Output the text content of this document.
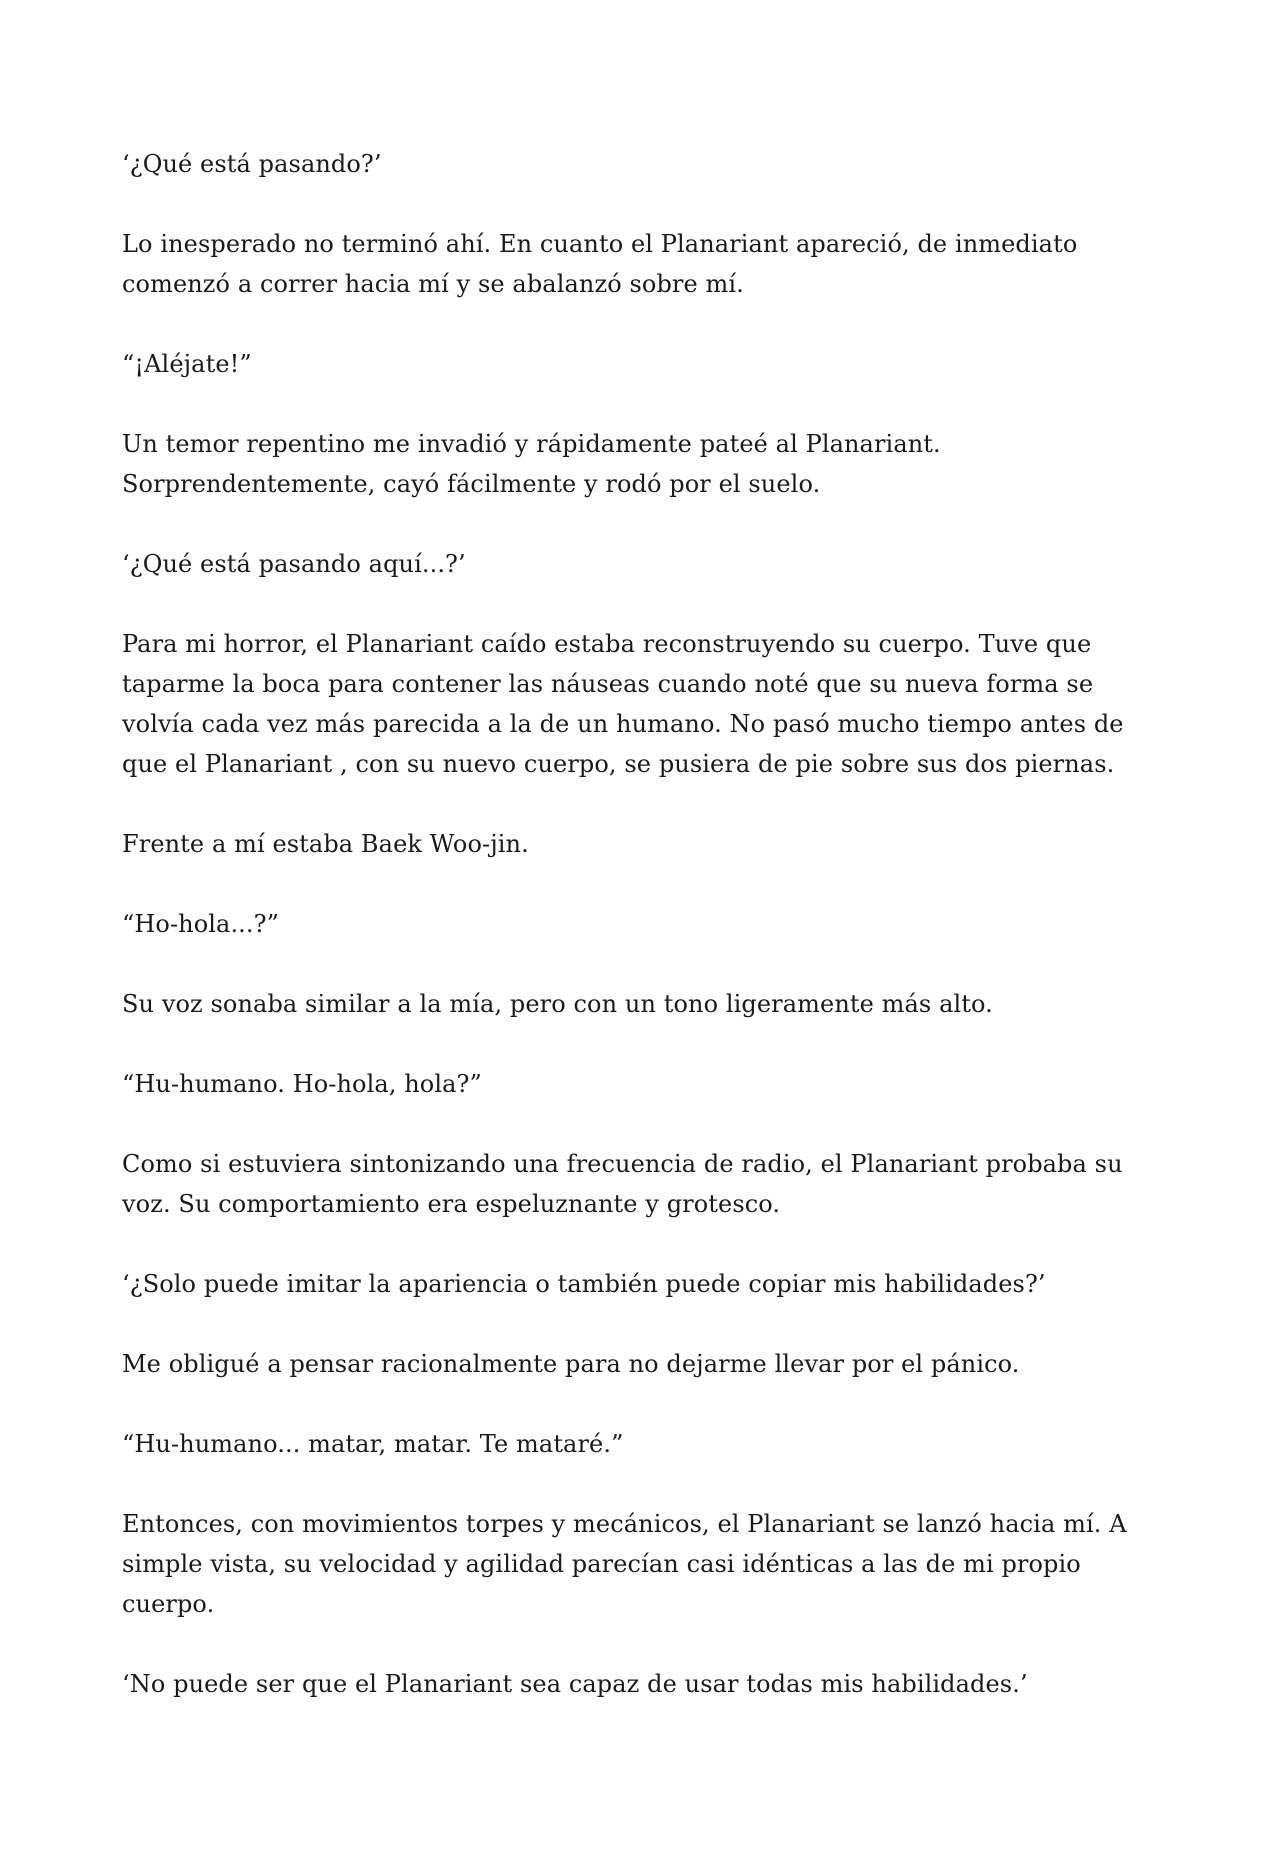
‘¿Qué está pasando?’

Lo inesperado no terminó ahí. En cuanto el Planariant apareció, de inmediato comenzó a correr hacia mí y se abalanzó sobre mí.

“¡Aléjate!”

Un temor repentino me invadió y rápidamente pateé al Planariant. Sorprendentemente, cayó fácilmente y rodó por el suelo.

‘¿Qué está pasando aquí...?’

Para mi horror, el Planariant caído estaba reconstruyendo su cuerpo. Tuve que taparme la boca para contener las náuseas cuando noté que su nueva forma se volvía cada vez más parecida a la de un humano. No pasó mucho tiempo antes de que el Planariant , con su nuevo cuerpo, se pusiera de pie sobre sus dos piernas.

Frente a mí estaba Baek Woo-jin.

“Ho-hola...?”

Su voz sonaba similar a la mía, pero con un tono ligeramente más alto.

“Hu-humano. Ho-hola, hola?”

Como si estuviera sintonizando una frecuencia de radio, el Planariant probaba su voz. Su comportamiento era espeluznante y grotesco.

‘¿Solo puede imitar la apariencia o también puede copiar mis habilidades?’

Me obligué a pensar racionalmente para no dejarme llevar por el pánico.

“Hu-humano... matar, matar. Te mataré.”

Entonces, con movimientos torpes y mecánicos, el Planariant se lanzó hacia mí. A simple vista, su velocidad y agilidad parecían casi idénticas a las de mi propio cuerpo.

‘No puede ser que el Planariant sea capaz de usar todas mis habilidades.’
